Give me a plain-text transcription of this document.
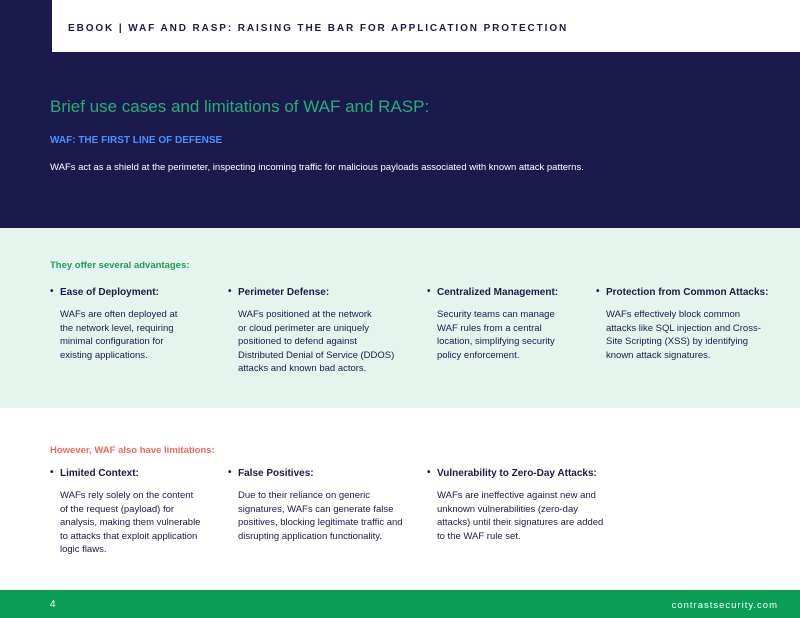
EBOOK | WAF AND RASP: RAISING THE BAR FOR APPLICATION PROTECTION
Brief use cases and limitations of WAF and RASP:
WAF: THE FIRST LINE OF DEFENSE
WAFs act as a shield at the perimeter, inspecting incoming traffic for malicious payloads associated with known attack patterns.
They offer several advantages:
• Ease of Deployment:
WAFs are often deployed at
the network level, requiring
minimal configuration for
existing applications.
• Perimeter Defense:
WAFs positioned at the network
or cloud perimeter are uniquely
positioned to defend against
Distributed Denial of Service (DDOS)
attacks and known bad actors.
• Centralized Management:
Security teams can manage
WAF rules from a central
location, simplifying security
policy enforcement.
• Protection from Common Attacks:
WAFs effectively block common
attacks like SQL injection and Cross-
Site Scripting (XSS) by identifying
known attack signatures.
However, WAF also have limitations:
• Limited Context:
WAFs rely solely on the content
of the request (payload) for
analysis, making them vulnerable
to attacks that exploit application
logic flaws.
• False Positives:
Due to their reliance on generic
signatures, WAFs can generate false
positives, blocking legitimate traffic and
disrupting application functionality.
• Vulnerability to Zero-Day Attacks:
WAFs are ineffective against new and
unknown vulnerabilities (zero-day
attacks) until their signatures are added
to the WAF rule set.
4	contrastsecurity.com
